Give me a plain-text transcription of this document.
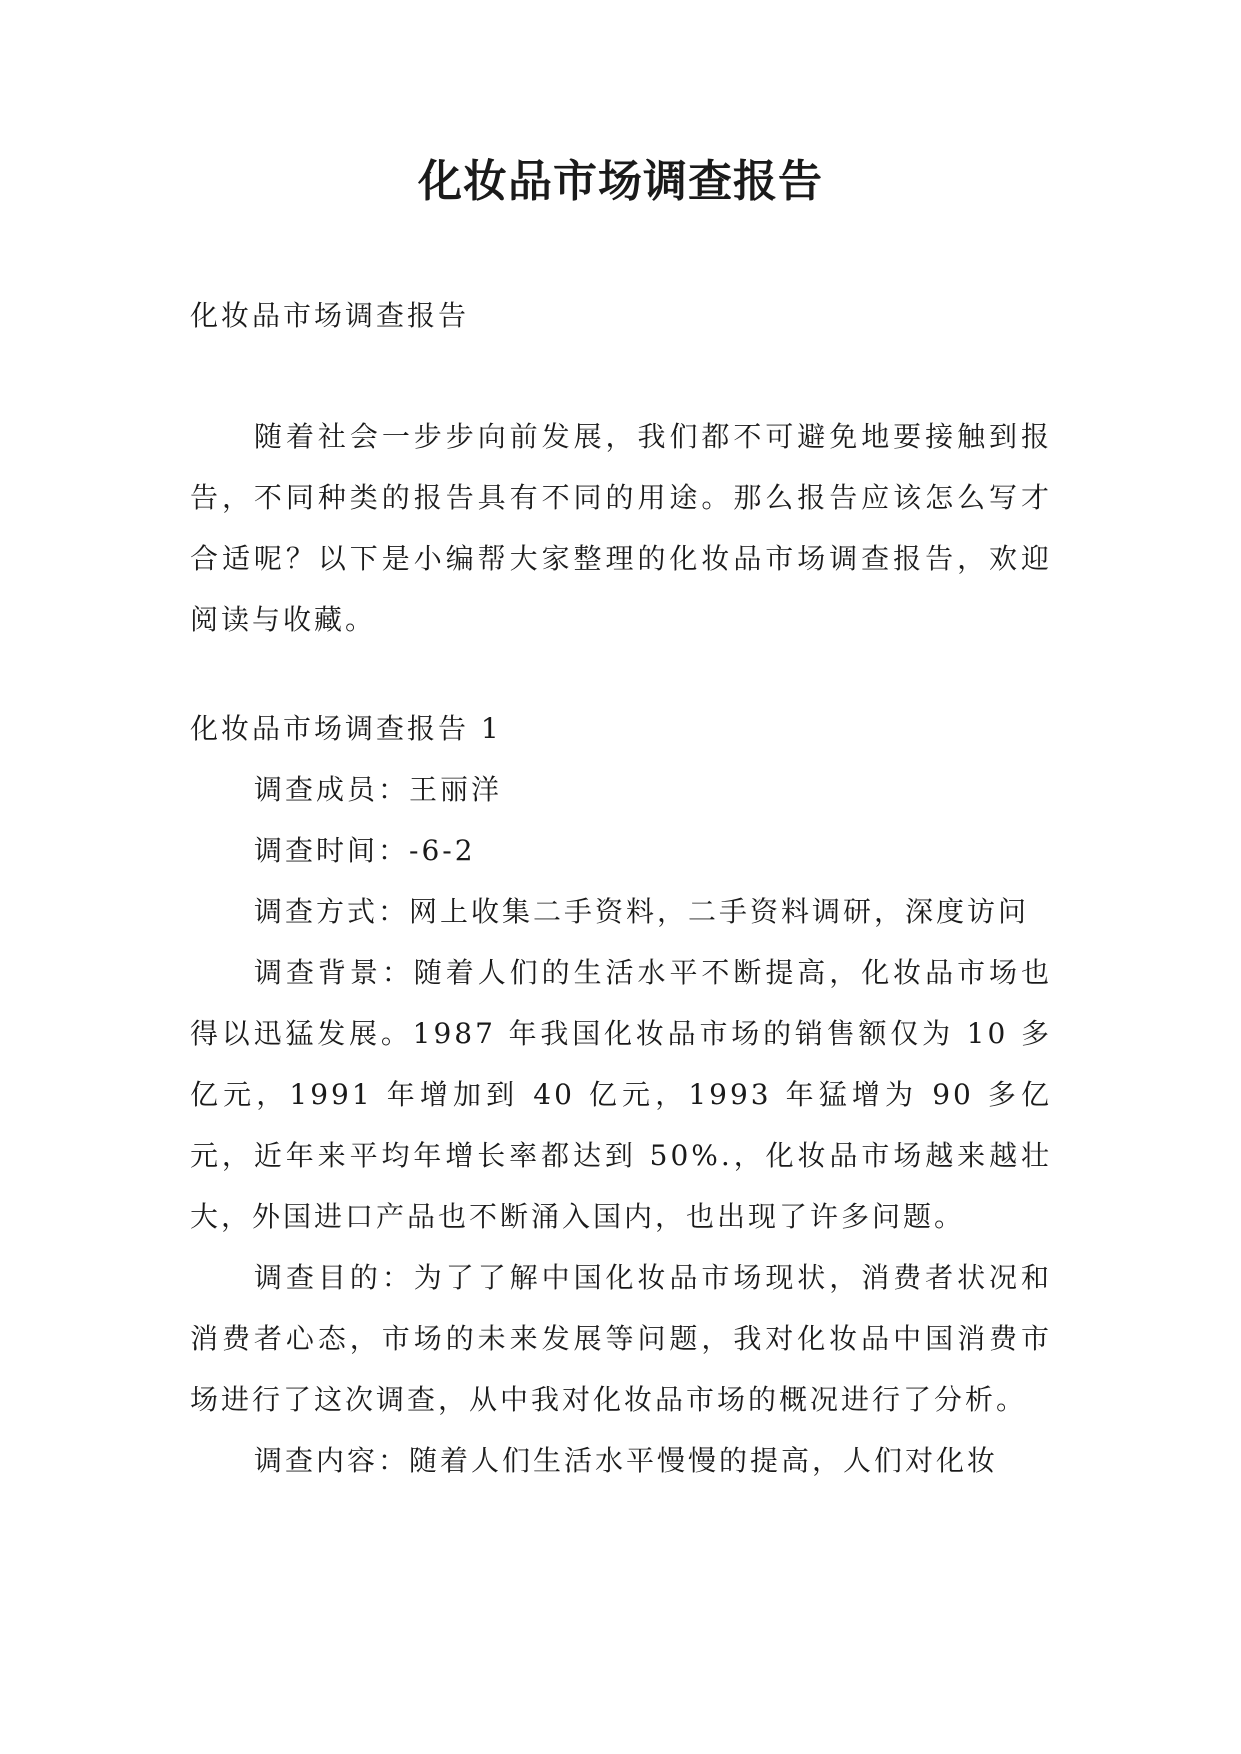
化妆品市场调查报告

化妆品市场调查报告

随着社会一步步向前发展，我们都不可避免地要接触到报告，不同种类的报告具有不同的用途。那么报告应该怎么写才合适呢？以下是小编帮大家整理的化妆品市场调查报告，欢迎阅读与收藏。

化妆品市场调查报告 1

调查成员：王丽洋

调查时间：-6-2

调查方式：网上收集二手资料，二手资料调研，深度访问

调查背景：随着人们的生活水平不断提高，化妆品市场也得以迅猛发展。1987 年我国化妆品市场的销售额仅为 10 多亿元，1991 年增加到 40 亿元，1993 年猛增为 90 多亿元，近年来平均年增长率都达到 50%.，化妆品市场越来越壮大，外国进口产品也不断涌入国内，也出现了许多问题。

调查目的：为了了解中国化妆品市场现状，消费者状况和消费者心态，市场的未来发展等问题，我对化妆品中国消费市场进行了这次调查，从中我对化妆品市场的概况进行了分析。

调查内容：随着人们生活水平慢慢的提高，人们对化妆
